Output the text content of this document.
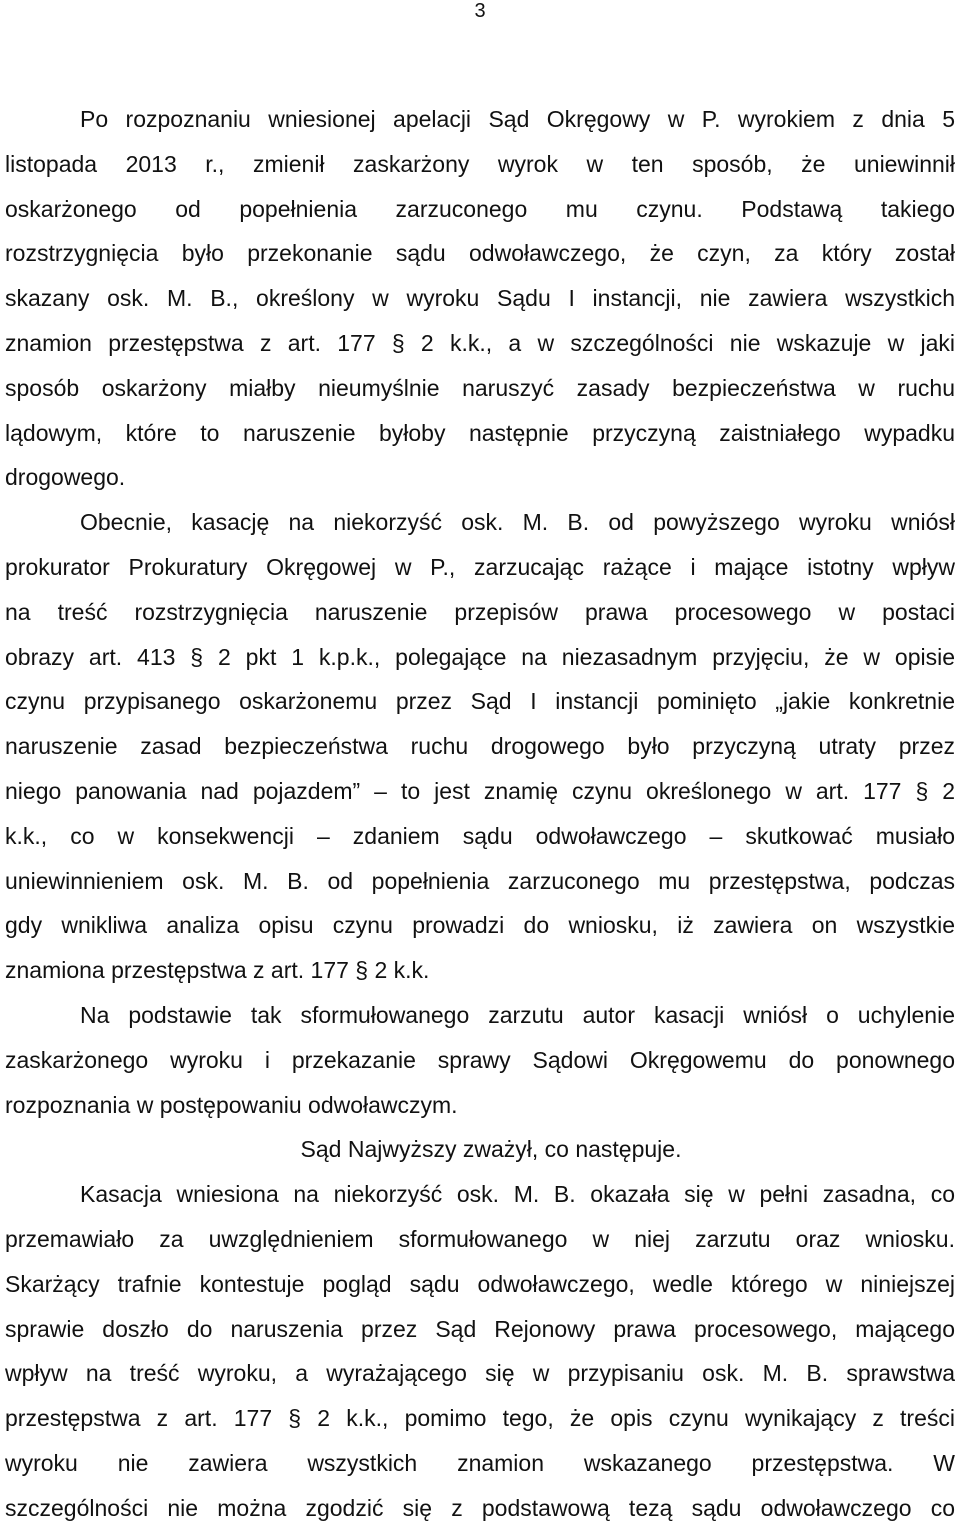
3
Po rozpoznaniu wniesionej apelacji Sąd Okręgowy w P. wyrokiem z dnia 5
listopada 2013 r., zmienił zaskarżony wyrok w ten sposób, że uniewinnił
oskarżonego od popełnienia zarzuconego mu czynu. Podstawą takiego
rozstrzygnięcia było przekonanie sądu odwoławczego, że czyn, za który został
skazany osk. M. B., określony w wyroku Sądu I instancji, nie zawiera wszystkich
znamion przestępstwa z art. 177 § 2 k.k., a w szczególności nie wskazuje w jaki
sposób oskarżony miałby nieumyślnie naruszyć zasady bezpieczeństwa w ruchu
lądowym, które to naruszenie byłoby następnie przyczyną zaistniałego wypadku
drogowego.
Obecnie, kasację na niekorzyść osk. M. B. od powyższego wyroku wniósł
prokurator Prokuratury Okręgowej w P., zarzucając rażące i mające istotny wpływ
na treść rozstrzygnięcia naruszenie przepisów prawa procesowego w postaci
obrazy art. 413 § 2 pkt 1 k.p.k., polegające na niezasadnym przyjęciu, że w opisie
czynu przypisanego oskarżonemu przez Sąd I instancji pominięto „jakie konkretnie
naruszenie zasad bezpieczeństwa ruchu drogowego było przyczyną utraty przez
niego panowania nad pojazdem” – to jest znamię czynu określonego w art. 177 § 2
k.k., co w konsekwencji – zdaniem sądu odwoławczego – skutkować musiało
uniewinnieniem osk. M. B. od popełnienia zarzuconego mu przestępstwa, podczas
gdy wnikliwa analiza opisu czynu prowadzi do wniosku, iż zawiera on wszystkie
znamiona przestępstwa z art. 177 § 2 k.k.
Na podstawie tak sformułowanego zarzutu autor kasacji wniósł o uchylenie
zaskarżonego wyroku i przekazanie sprawy Sądowi Okręgowemu do ponownego
rozpoznania w postępowaniu odwoławczym.
Sąd Najwyższy zważył, co następuje.
Kasacja wniesiona na niekorzyść osk. M. B. okazała się w pełni zasadna, co
przemawiało za uwzględnieniem sformułowanego w niej zarzutu oraz wniosku.
Skarżący trafnie kontestuje pogląd sądu odwoławczego, wedle którego w niniejszej
sprawie doszło do naruszenia przez Sąd Rejonowy prawa procesowego, mającego
wpływ na treść wyroku, a wyrażającego się w przypisaniu osk. M. B. sprawstwa
przestępstwa z art. 177 § 2 k.k., pomimo tego, że opis czynu wynikający z treści
wyroku nie zawiera wszystkich znamion wskazanego przestępstwa. W
szczególności nie można zgodzić się z podstawową tezą sądu odwoławczego co
